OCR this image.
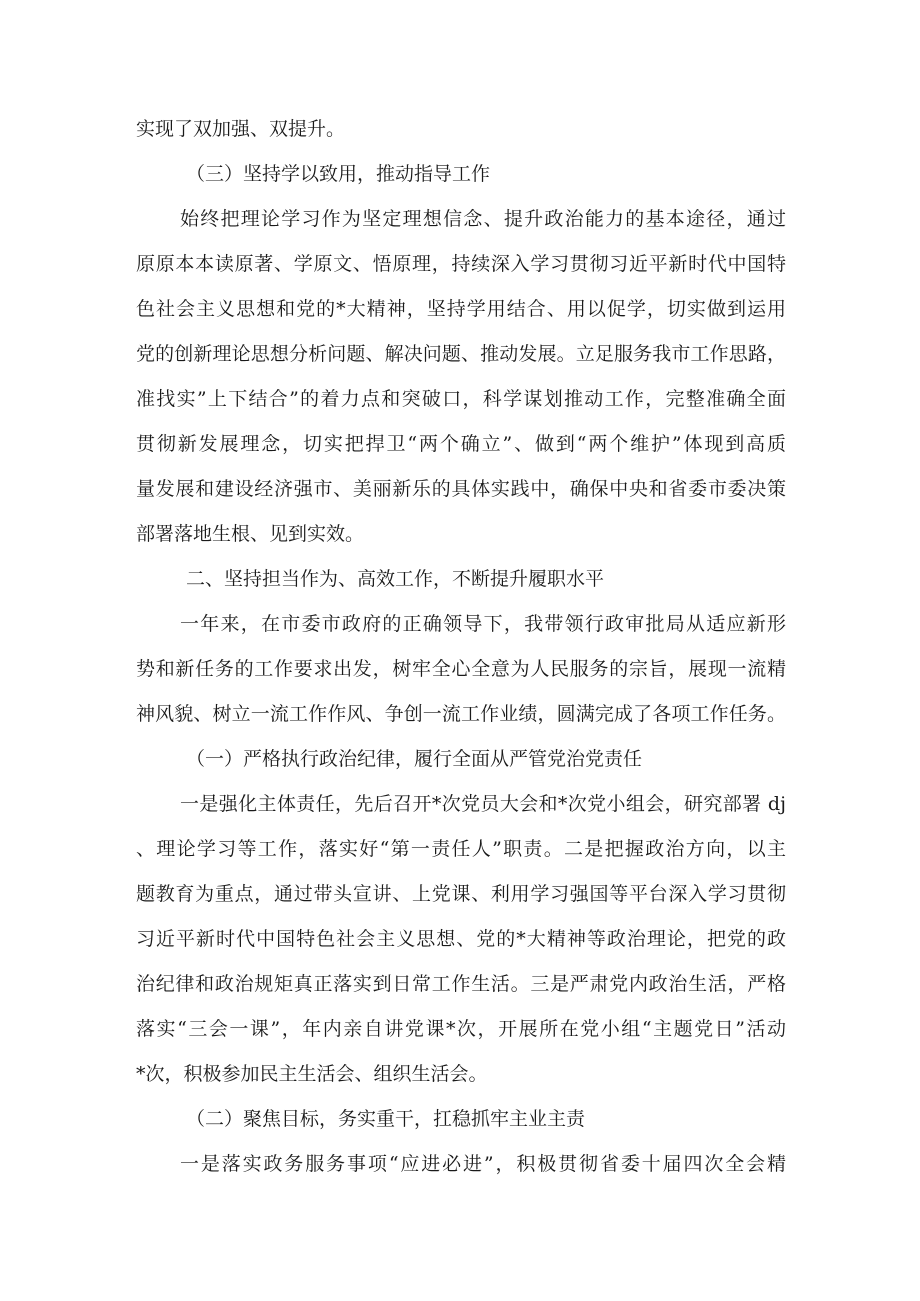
实现了双加强、双提升。
（三）坚持学以致用，推动指导工作
始终把理论学习作为坚定理想信念、提升政治能力的基本途径，通过
原原本本读原著、学原文、悟原理，持续深入学习贯彻习近平新时代中国特
色社会主义思想和党的*大精神，坚持学用结合、用以促学，切实做到运用
党的创新理论思想分析问题、解决问题、推动发展。立足服务我市工作思路，
准找实”上下结合”的着力点和突破口，科学谋划推动工作，完整准确全面
贯彻新发展理念，切实把捍卫“两个确立”、做到“两个维护”体现到高质
量发展和建设经济强市、美丽新乐的具体实践中，确保中央和省委市委决策
部署落地生根、见到实效。
二、坚持担当作为、高效工作，不断提升履职水平
一年来，在市委市政府的正确领导下，我带领行政审批局从适应新形
势和新任务的工作要求出发，树牢全心全意为人民服务的宗旨，展现一流精
神风貌、树立一流工作作风、争创一流工作业绩，圆满完成了各项工作任务。
（一）严格执行政治纪律，履行全面从严管党治党责任
一是强化主体责任，先后召开*次党员大会和*次党小组会，研究部署 dj
、理论学习等工作，落实好“第一责任人”职责。二是把握政治方向，以主
题教育为重点，通过带头宣讲、上党课、利用学习强国等平台深入学习贯彻
习近平新时代中国特色社会主义思想、党的*大精神等政治理论，把党的政
治纪律和政治规矩真正落实到日常工作生活。三是严肃党内政治生活，严格
落实“三会一课”，年内亲自讲党课*次，开展所在党小组“主题党日”活动
*次，积极参加民主生活会、组织生活会。
（二）聚焦目标，务实重干，扛稳抓牢主业主责
一是落实政务服务事项“应进必进”，积极贯彻省委十届四次全会精
